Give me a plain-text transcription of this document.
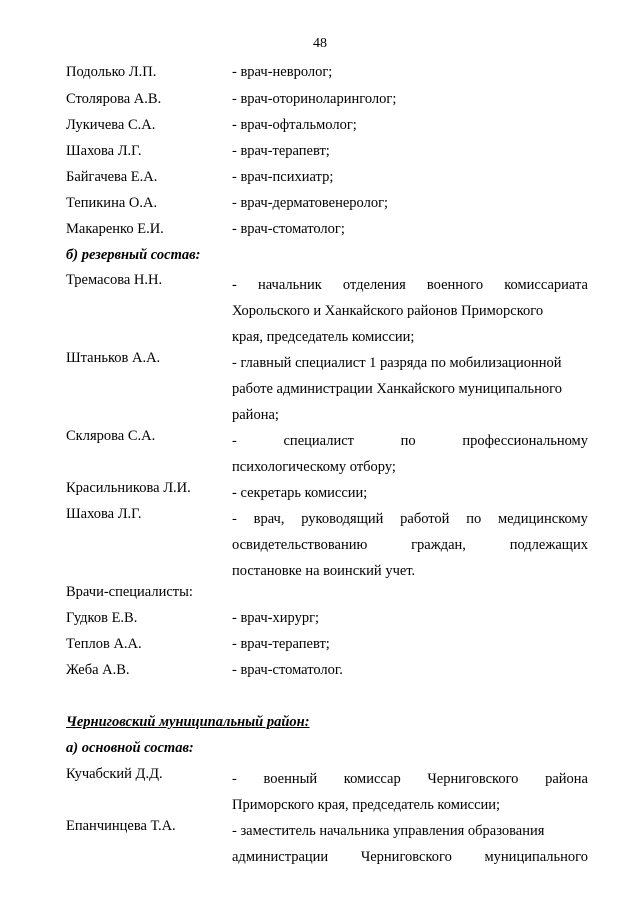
48
Подолько Л.П.	- врач-невролог;
Столярова А.В.	- врач-оториноларинголог;
Лукичева С.А.	- врач-офтальмолог;
Шахова Л.Г.	- врач-терапевт;
Байгачева Е.А.	- врач-психиатр;
Тепикина О.А.	- врач-дерматовенеролог;
Макаренко Е.И.	- врач-стоматолог;
б) резервный состав:
Тремасова Н.Н.	- начальник отделения военного комиссариата
Хорольского и Ханкайского районов Приморского
края, председатель комиссии;
Штаньков А.А.	- главный специалист 1 разряда по мобилизационной
работе администрации Ханкайского муниципального
района;
Склярова С.А.	-	специалист	по	профессиональному
психологическому отбору;
Красильникова Л.И.	- секретарь комиссии;
Шахова Л.Г.	- врач, руководящий работой по медицинскому
освидетельствованию	граждан,	подлежащих
постановке на воинский учет.
Врачи-специалисты:
Гудков Е.В.	- врач-хирург;
Теплов А.А.	- врач-терапевт;
Жеба А.В.	- врач-стоматолог.
Черниговский муниципальный район:
а) основной состав:
Кучабский Д.Д.	- военный комиссар Черниговского района
Приморского края, председатель комиссии;
Епанчинцева Т.А.	- заместитель начальника управления образования
администрации Черниговского муниципального
